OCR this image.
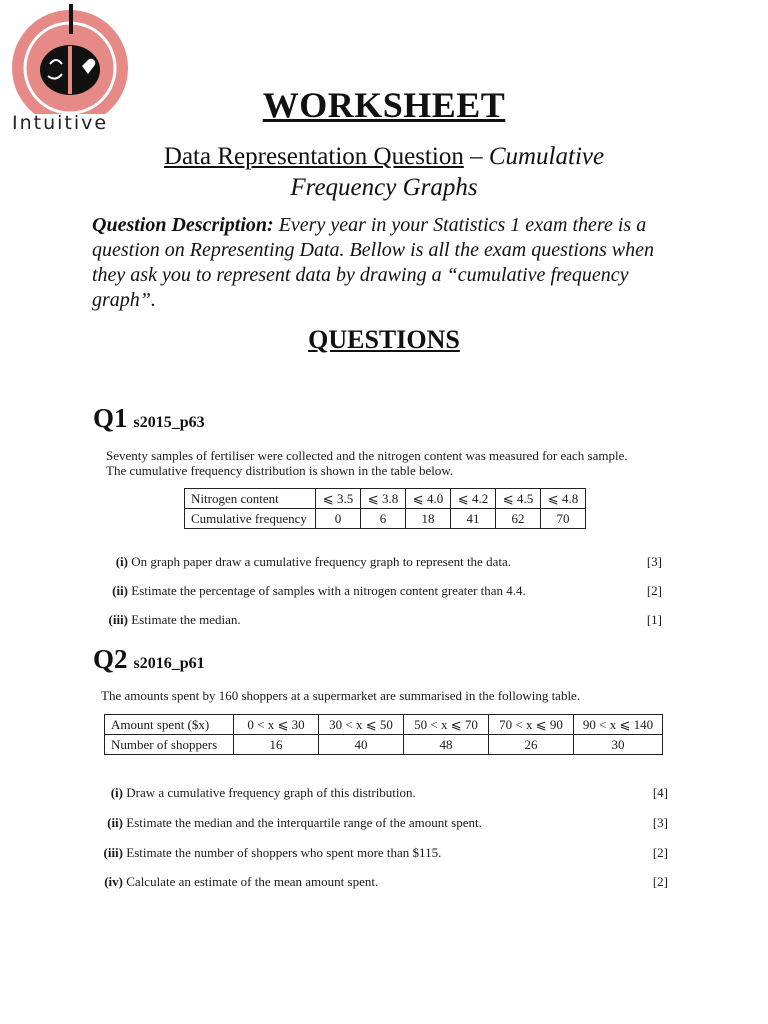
Intuitive	WORKSHEET
Data Representation Question – Cumulative
Frequency Graphs
Question Description: Every year in your Statistics 1 exam there is a question on Representing Data. Bellow is all the exam questions when they ask you to represent data by drawing a “cumulative frequency graph”.
QUESTIONS
Q1 s2015_p63
Seventy samples of fertiliser were collected and the nitrogen content was measured for each sample.
The cumulative frequency distribution is shown in the table below.
Nitrogen content	⩽ 3.5	⩽ 3.8	⩽ 4.0	⩽ 4.2	⩽ 4.5	⩽ 4.8
Cumulative frequency	0	6	18	41	62	70
(i) On graph paper draw a cumulative frequency graph to represent the data.	[3]
(ii) Estimate the percentage of samples with a nitrogen content greater than 4.4.	[2]
(iii) Estimate the median.	[1]
Q2 s2016_p61
The amounts spent by 160 shoppers at a supermarket are summarised in the following table.
Amount spent ($x)	0 < x ⩽ 30	30 < x ⩽ 50	50 < x ⩽ 70	70 < x ⩽ 90	90 < x ⩽ 140
Number of shoppers	16	40	48	26	30
(i) Draw a cumulative frequency graph of this distribution.	[4]
(ii) Estimate the median and the interquartile range of the amount spent.	[3]
(iii) Estimate the number of shoppers who spent more than $115.	[2]
(iv) Calculate an estimate of the mean amount spent.	[2]
